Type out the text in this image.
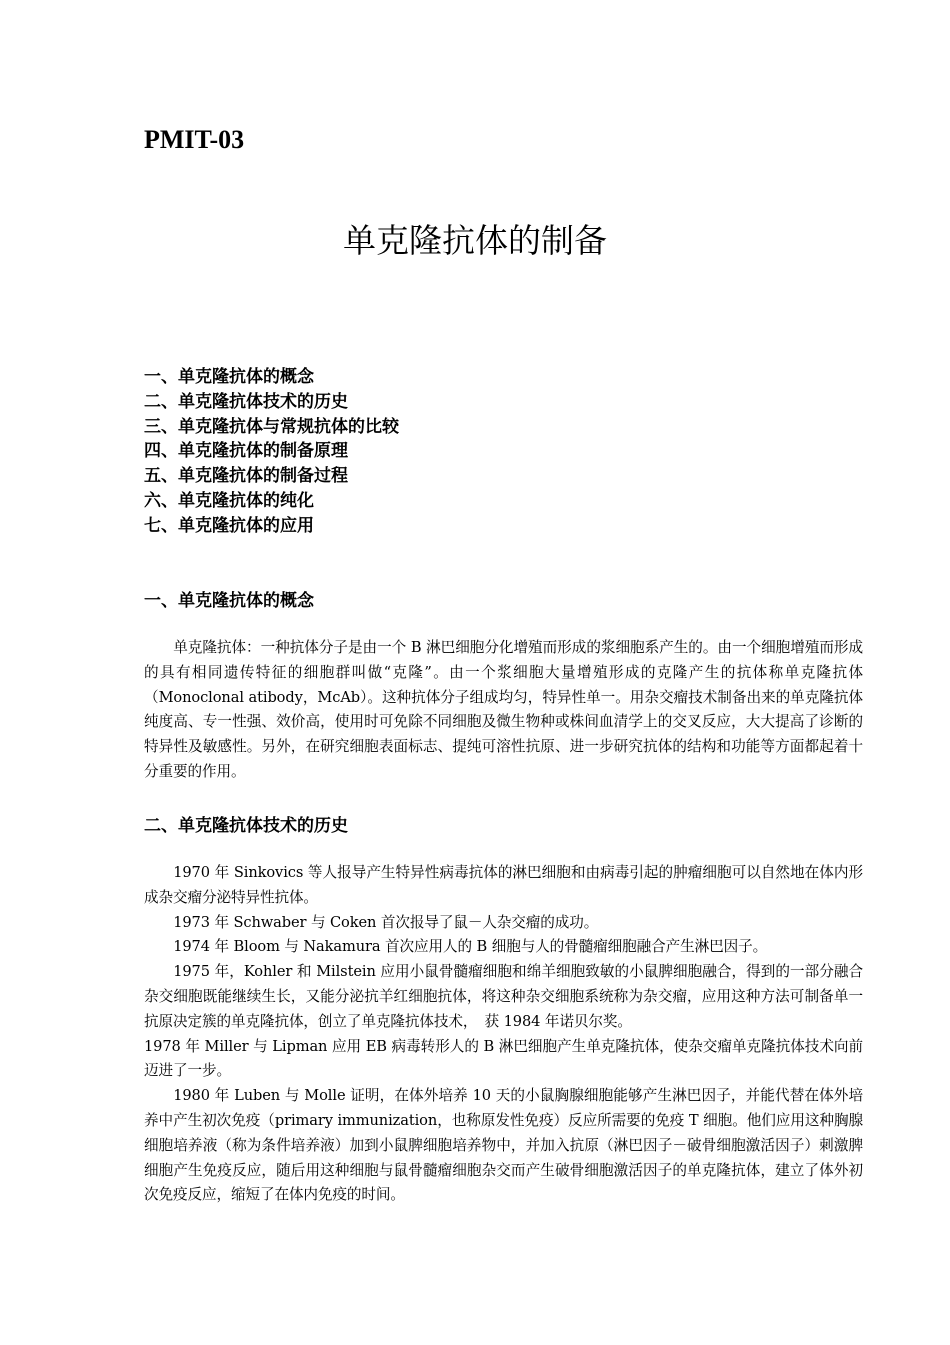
PMIT-03
单克隆抗体的制备
一、单克隆抗体的概念
二、单克隆抗体技术的历史
三、单克隆抗体与常规抗体的比较
四、单克隆抗体的制备原理
五、单克隆抗体的制备过程
六、单克隆抗体的纯化
七、单克隆抗体的应用
一、单克隆抗体的概念

单克隆抗体：一种抗体分子是由一个 B 淋巴细胞分化增殖而形成的浆细胞系产生的。由一个细胞增殖而形成的具有相同遗传特征的细胞群叫做“克隆”。由一个浆细胞大量增殖形成的克隆产生的抗体称单克隆抗体（Monoclonal atibody，McAb）。这种抗体分子组成均匀，特异性单一。用杂交瘤技术制备出来的单克隆抗体纯度高、专一性强、效价高，使用时可免除不同细胞及微生物种或株间血清学上的交叉反应，大大提高了诊断的特异性及敏感性。另外，在研究细胞表面标志、提纯可溶性抗原、进一步研究抗体的结构和功能等方面都起着十分重要的作用。

二、单克隆抗体技术的历史

1970 年 Sinkovics 等人报导产生特异性病毒抗体的淋巴细胞和由病毒引起的肿瘤细胞可以自然地在体内形成杂交瘤分泌特异性抗体。

1973 年 Schwaber 与 Coken 首次报导了鼠－人杂交瘤的成功。

1974 年 Bloom 与 Nakamura 首次应用人的 B 细胞与人的骨髓瘤细胞融合产生淋巴因子。

1975 年，Kohler 和 Milstein 应用小鼠骨髓瘤细胞和绵羊细胞致敏的小鼠脾细胞融合，得到的一部分融合杂交细胞既能继续生长，又能分泌抗羊红细胞抗体，将这种杂交细胞系统称为杂交瘤，应用这种方法可制备单一抗原决定簇的单克隆抗体，创立了单克隆抗体技术，　获 1984 年诺贝尔奖。

1978 年 Miller 与 Lipman 应用 EB 病毒转形人的 B 淋巴细胞产生单克隆抗体，使杂交瘤单克隆抗体技术向前迈进了一步。

1980 年 Luben 与 Molle 证明，在体外培养 10 天的小鼠胸腺细胞能够产生淋巴因子，并能代替在体外培养中产生初次免疫（primary immunization，也称原发性免疫）反应所需要的免疫 T 细胞。他们应用这种胸腺细胞培养液（称为条件培养液）加到小鼠脾细胞培养物中，并加入抗原（淋巴因子－破骨细胞激活因子）刺激脾细胞产生免疫反应，随后用这种细胞与鼠骨髓瘤细胞杂交而产生破骨细胞激活因子的单克隆抗体，建立了体外初次免疫反应，缩短了在体内免疫的时间。
